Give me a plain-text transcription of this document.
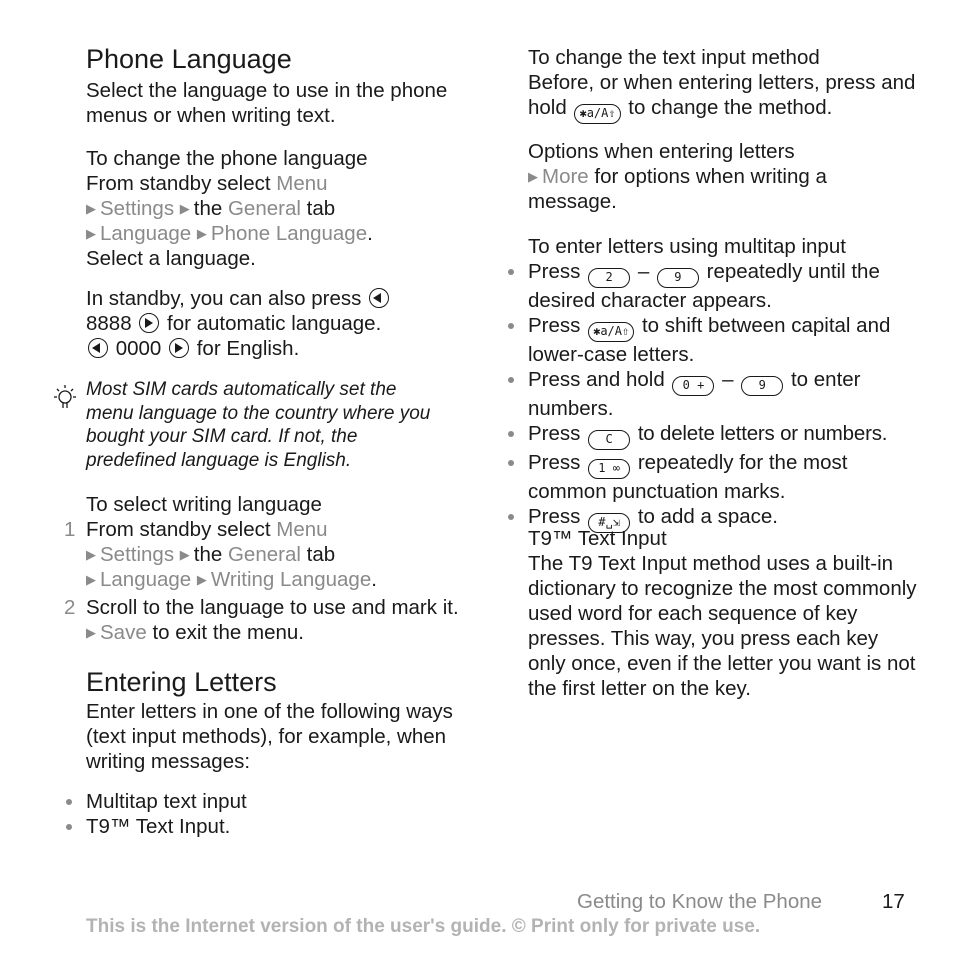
Phone Language

Select the language to use in the phone menus or when writing text.

To change the phone language

From standby select Menu

▶ Settings ▶ the General tab

▶ Language ▶ Phone Language.

Select a language.

In standby, you can also press

8888 for automatic language.

0000 for English.

To select writing language
1 From standby select Menu
▶ Settings ▶ the General tab
▶ Language ▶ Writing Language.
2 Scroll to the language to use and mark it. ▶ Save to exit the menu.
Entering Letters

Enter letters in one of the following ways (text input methods), for example, when writing messages:

Multitap text input
T9™ Text Input.

Most SIM cards automatically set the menu language to the country where you bought your SIM card. If not, the predefined language is English.

To change the text input method

Before, or when entering letters, press and hold ✱a/A⇧ to change the method.

Options when entering letters

▶ More for options when writing a message.

To enter letters using multitap input
Press 2 – 9 repeatedly until the desired character appears.
Press ✱a/A⇧ to shift between capital and lower-case letters.
Press and hold 0 + – 9 to enter numbers.
Press C to delete letters or numbers.
Press 1 ∞ repeatedly for the most common punctuation marks.
Press #␣⇲ to add a space.
T9™ Text Input

The T9 Text Input method uses a built-in dictionary to recognize the most commonly used word for each sequence of key presses. This way, you press each key only once, even if the letter you want is not the first letter on the key.

Getting to Know the Phone	17
This is the Internet version of the user's guide. © Print only for private use.
